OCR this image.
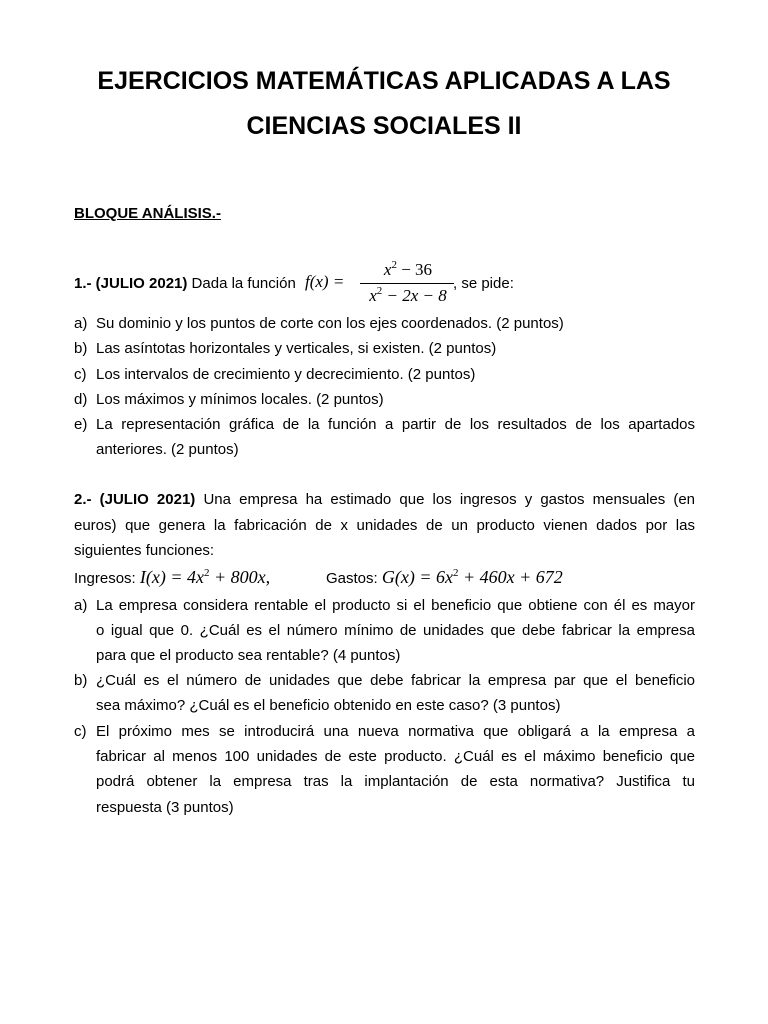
EJERCICIOS MATEMÁTICAS APLICADAS A LAS
CIENCIAS SOCIALES II
BLOQUE ANÁLISIS.-
1.- (JULIO 2021) Dada la función f(x) =
$x^2 - 36$
$x^2 - 2x - 8$
, se pide:
a) Su dominio y los puntos de corte con los ejes coordenados. (2 puntos)
b) Las asíntotas horizontales y verticales, si existen. (2 puntos)
c) Los intervalos de crecimiento y decrecimiento. (2 puntos)
d) Los máximos y mínimos locales. (2 puntos)
e) La representación gráfica de la función a partir de los resultados de los apartados
anteriores. (2 puntos)
2.- (JULIO 2021) Una empresa ha estimado que los ingresos y gastos mensuales (en
euros) que genera la fabricación de x unidades de un producto vienen dados por las
siguientes funciones:
Ingresos: $I(x) = 4x^2 + 800x$,	Gastos: $G(x) = 6x^2 + 460x + 672$
a) La empresa considera rentable el producto si el beneficio que obtiene con él es mayor
o igual que 0. ¿Cuál es el número mínimo de unidades que debe fabricar la empresa
para que el producto sea rentable? (4 puntos)
b) ¿Cuál es el número de unidades que debe fabricar la empresa par que el beneficio
sea máximo? ¿Cuál es el beneficio obtenido en este caso? (3 puntos)
c) El próximo mes se introducirá una nueva normativa que obligará a la empresa a
fabricar al menos 100 unidades de este producto. ¿Cuál es el máximo beneficio que
podrá obtener la empresa tras la implantación de esta normativa? Justifica tu
respuesta (3 puntos)
